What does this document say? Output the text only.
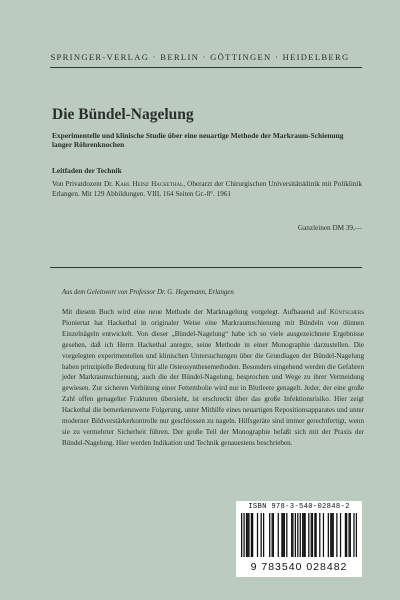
SPRINGER-VERLAG · BERLIN · GÖTTINGEN · HEIDELBERG
Die Bündel-Nagelung

Experimentelle und klinische Studie über eine neuartige Methode der Markraum-Schienung langer Röhrenknochen

Leitfaden der Technik

Von Privatdozent Dr. Karl Heinz Hackethal, Oberarzt der Chirurgischen Universitätsklinik mit Poliklinik Erlangen. Mit 129 Abbildungen. VIII, 164 Seiten Gr.-8°. 1961

Ganzleinen DM 39,—
Aus dem Geleitwort von Professor Dr. G. Hegemann, Erlangen

Mit diesem Buch wird eine neue Methode der Marknagelung vorgelegt. Aufbauend auf Küntschers Pioniertat hat Hackethal in originaler Weise eine Markraumschienung mit Bündeln von dünnen Einzelnägeln entwickelt. Von dieser „Bündel-Nagelung“ habe ich so viele ausgezeichnete Ergebnisse gesehen, daß ich Herrn Hackethal anregte, seine Methode in einer Monographie darzustellen. Die vorgelegten experimentellen und klinischen Untersuchungen über die Grundlagen der Bündel-Nagelung haben prinzipielle Bedeutung für alle Osteosynthesemethoden. Besonders eingehend werden die Gefahren jeder Markraumschienung, auch die der Bündel-Nagelung, besprochen und Wege zu ihrer Vermeidung gewiesen. Zur sicheren Verhütung einer Fettembolie wird nur in Blutleere genagelt. Jeder, der eine große Zahl offen genagelter Frakturen übersieht, ist erschreckt über das große Infektionsrisiko. Hier zeigt Hackethal die bemerkenswerte Folgerung, unter Mithilfe eines neuartigen Repositionsapparates und unter moderner Bildverstärkerkontrolle nur geschlossen zu nageln. Hilfsgeräte sind immer gerechtfertigt, wenn sie zu vermehrter Sicherheit führen. Der große Teil der Monographie befaßt sich mit der Praxis der Bündel-Nagelung. Hier werden Indikation und Technik genauestens beschrieben.

ISBN 978-3-540-02848-2
9 783540 028482
